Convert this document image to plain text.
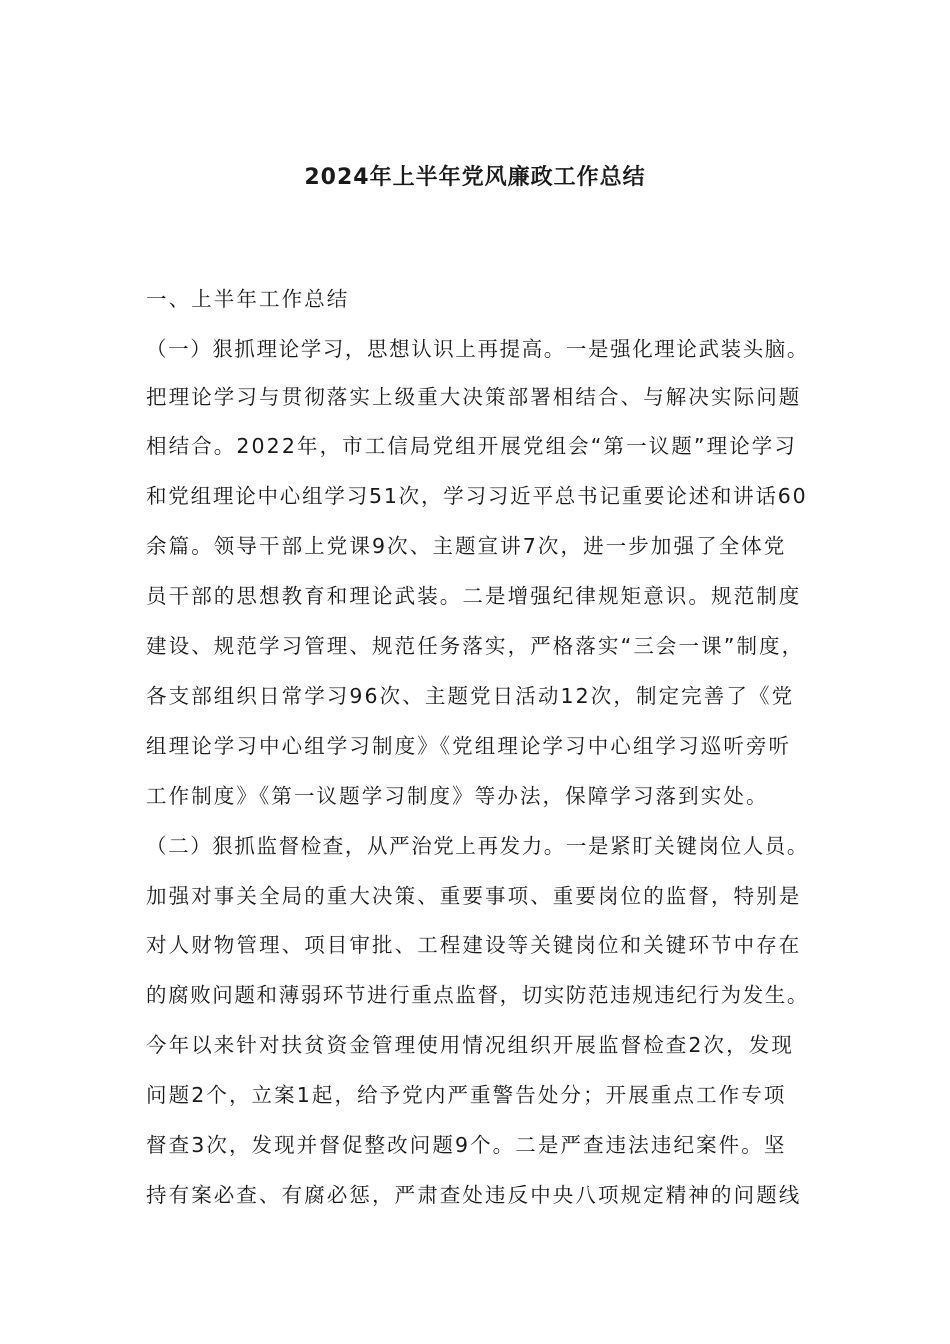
2024年上半年党风廉政工作总结

一、上半年工作总结

（一）狠抓理论学习，思想认识上再提高。一是强化理论武装头脑。

把理论学习与贯彻落实上级重大决策部署相结合、与解决实际问题

相结合。2022年，市工信局党组开展党组会“第一议题”理论学习

和党组理论中心组学习51次，学习习近平总书记重要论述和讲话60

余篇。领导干部上党课9次、主题宣讲7次，进一步加强了全体党

员干部的思想教育和理论武装。二是增强纪律规矩意识。规范制度

建设、规范学习管理、规范任务落实，严格落实“三会一课”制度，

各支部组织日常学习96次、主题党日活动12次，制定完善了《党

组理论学习中心组学习制度》《党组理论学习中心组学习巡听旁听

工作制度》《第一议题学习制度》等办法，保障学习落到实处。

（二）狠抓监督检查，从严治党上再发力。一是紧盯关键岗位人员。

加强对事关全局的重大决策、重要事项、重要岗位的监督，特别是

对人财物管理、项目审批、工程建设等关键岗位和关键环节中存在

的腐败问题和薄弱环节进行重点监督，切实防范违规违纪行为发生。

今年以来针对扶贫资金管理使用情况组织开展监督检查2次，发现

问题2个，立案1起，给予党内严重警告处分；开展重点工作专项

督查3次，发现并督促整改问题9个。二是严查违法违纪案件。坚

持有案必查、有腐必惩，严肃查处违反中央八项规定精神的问题线
